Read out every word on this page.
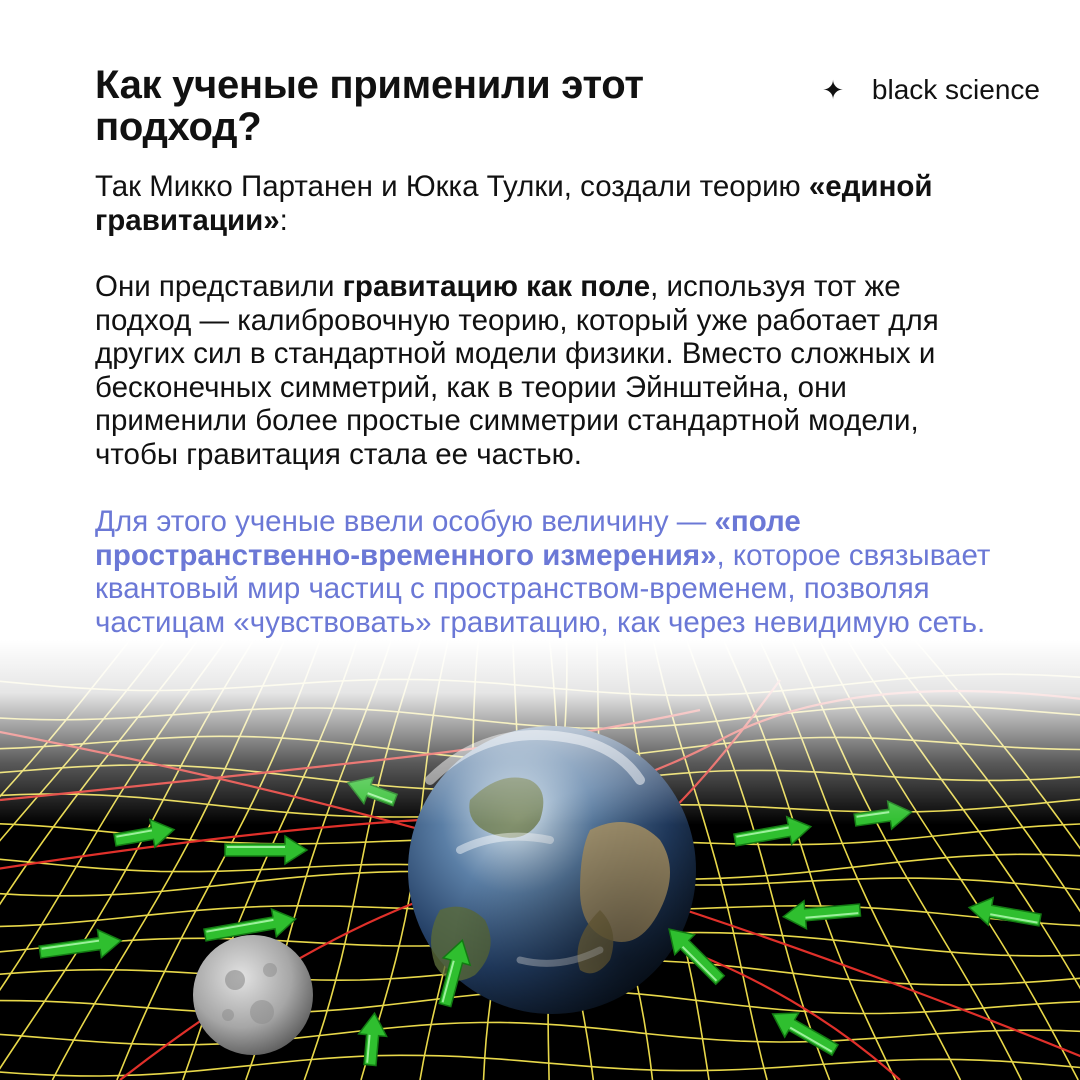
✦ black science
Как ученые применили этот подход?

Так Микко Партанен и Юкка Тулки, создали теорию «единой гравитации»:

Они представили гравитацию как поле, используя тот же подход — калибровочную теорию, который уже работает для других сил в стандартной модели физики. Вместо сложных и бесконечных симметрий, как в теории Эйнштейна, они применили более простые симметрии стандартной модели, чтобы гравитация стала ее частью.

Для этого ученые ввели особую величину — «поле пространственно-временного измерения», которое связывает квантовый мир частиц с пространством-временем, позволяя частицам «чувствовать» гравитацию, как через невидимую сеть.
